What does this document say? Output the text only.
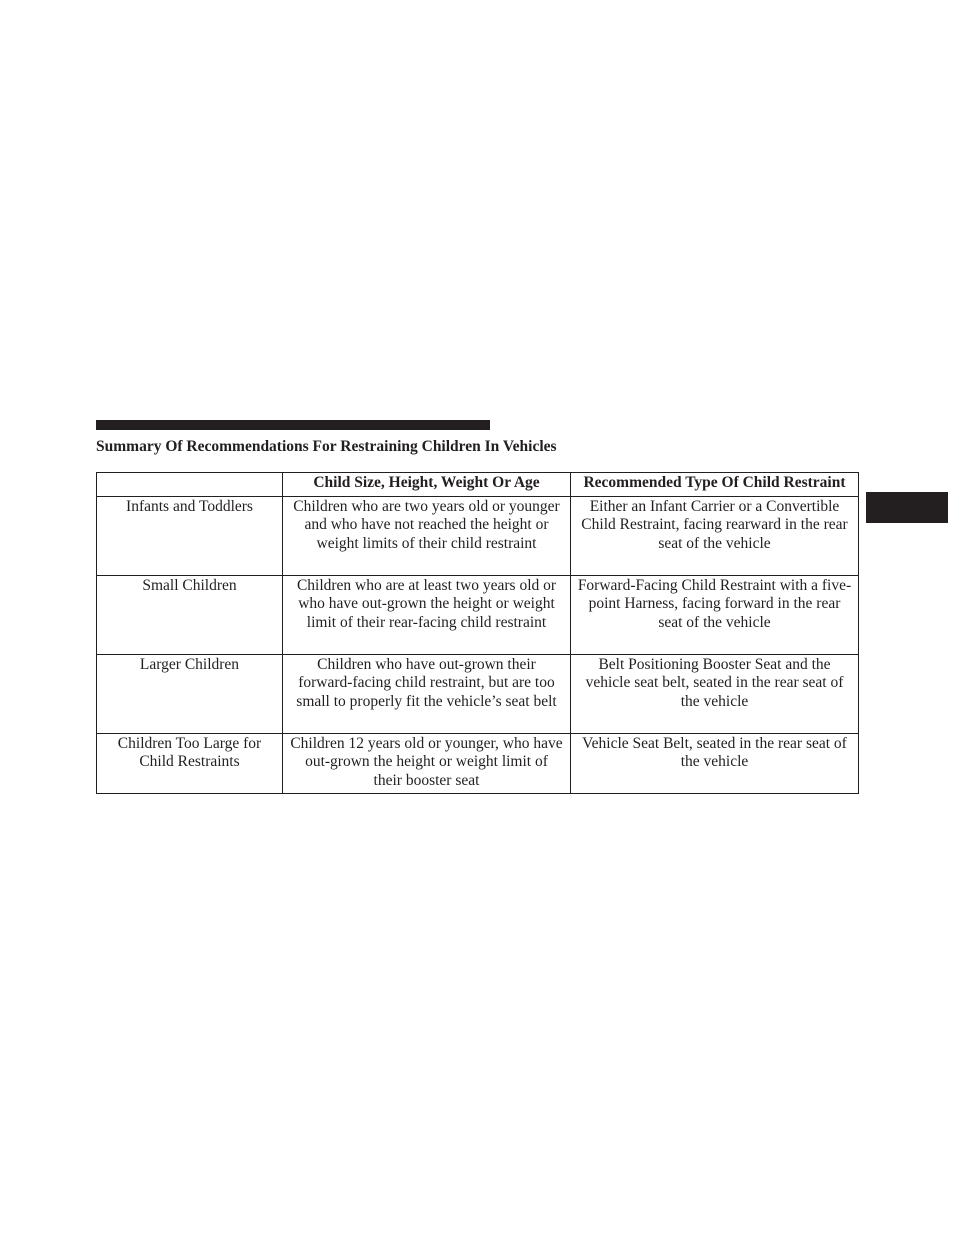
Summary Of Recommendations For Restraining Children In Vehicles
	Child Size, Height, Weight Or Age	Recommended Type Of Child Restraint
Infants and Toddlers	Children who are two years old or younger and who have not reached the height or weight limits of their child restraint	Either an Infant Carrier or a Convertible Child Restraint, facing rearward in the rear seat of the vehicle
Small Children	Children who are at least two years old or who have out-grown the height or weight limit of their rear-facing child restraint	Forward-Facing Child Restraint with a five-point Harness, facing forward in the rear seat of the vehicle
Larger Children	Children who have out-grown their forward-facing child restraint, but are too small to properly fit the vehicle’s seat belt	Belt Positioning Booster Seat and the vehicle seat belt, seated in the rear seat of the vehicle
Children Too Large for Child Restraints	Children 12 years old or younger, who have out-grown the height or weight limit of their booster seat	Vehicle Seat Belt, seated in the rear seat of the vehicle
